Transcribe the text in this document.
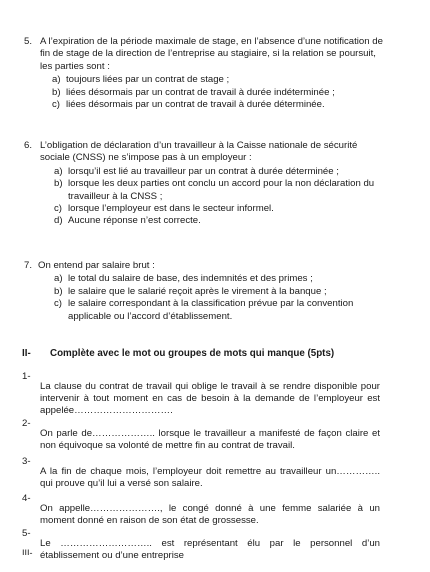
5. A l’expiration de la période maximale de stage, en l’absence d’une notification de

fin de stage de la direction de l’entreprise au stagiaire, si la relation se poursuit,

les parties sont :

a) toujours liées par un contrat de stage ;
b) liées désormais par un contrat de travail à durée indéterminée ;
c) liées désormais par un contrat de travail à durée déterminée.
6. L’obligation de déclaration d’un travailleur à la Caisse nationale de sécurité

sociale (CNSS) ne s’impose pas à un employeur :

a) lorsqu’il est lié au travailleur par un contrat à durée déterminée ;
b) lorsque les deux parties ont conclu un accord pour la non déclaration du
travailleur à la CNSS ;
c) lorsque l’employeur est dans le secteur informel.
d) Aucune réponse n’est correcte.
7. On entend par salaire brut :

a) le total du salaire de base, des indemnités et des primes ;
b) le salaire que le salarié reçoit après le virement à la banque ;
c) le salaire correspondant à la classification prévue par la convention
applicable ou l’accord d’établissement.
II- Complète avec le mot ou groupes de mots qui manque (5pts)
1-

La clause du contrat de travail qui oblige le travail à se rendre disponible pour intervenir à tout moment en cas de besoin à la demande de l’employeur est appelée………………………….

2-

On parle de……………….. lorsque le travailleur a manifesté de façon claire et non équivoque sa volonté de mettre fin au contrat de travail.

3-

A la fin de chaque mois, l’employeur doit remettre au travailleur un………….. qui prouve qu’il lui a versé son salaire.

4-

On appelle…………………., le congé donné à une femme salariée à un moment donné en raison de son état de grossesse.

5-

Le ……………………….. est représentant élu par le personnel d’un établissement ou d’une entreprise

III-
